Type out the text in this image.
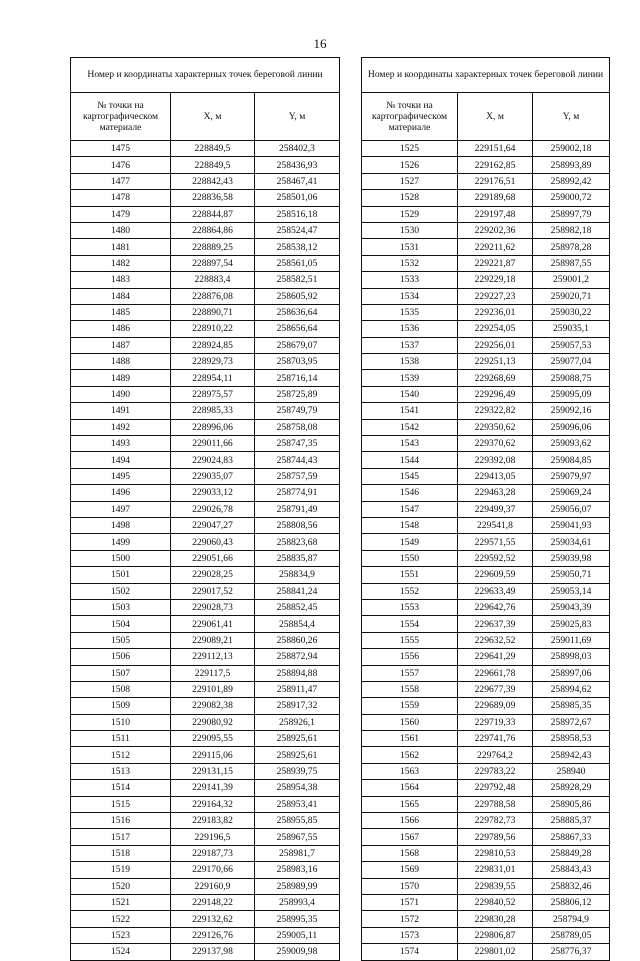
16
Номер и координаты характерных точек береговой линии		
№ точки на картографическом материале	X, м	Y, м
1475	228849,5	258402,3
1476	228849,5	258436,93
1477	228842,43	258467,41
1478	228836,58	258501,06
1479	228844,87	258516,18
1480	228864,86	258524,47
1481	228889,25	258538,12
1482	228897,54	258561,05
1483	228883,4	258582,51
1484	228876,08	258605,92
1485	228890,71	258636,64
1486	228910,22	258656,64
1487	228924,85	258679,07
1488	228929,73	258703,95
1489	228954,11	258716,14
1490	228975,57	258725,89
1491	228985,33	258749,79
1492	228996,06	258758,08
1493	229011,66	258747,35
1494	229024,83	258744,43
1495	229035,07	258757,59
1496	229033,12	258774,91
1497	229026,78	258791,49
1498	229047,27	258808,56
1499	229060,43	258823,68
1500	229051,66	258835,87
1501	229028,25	258834,9
1502	229017,52	258841,24
1503	229028,73	258852,45
1504	229061,41	258854,4
1505	229089,21	258860,26
1506	229112,13	258872,94
1507	229117,5	258894,88
1508	229101,89	258911,47
1509	229082,38	258917,32
1510	229080,92	258926,1
1511	229095,55	258925,61
1512	229115,06	258925,61
1513	229131,15	258939,75
1514	229141,39	258954,38
1515	229164,32	258953,41
1516	229183,82	258955,85
1517	229196,5	258967,55
1518	229187,73	258981,7
1519	229170,66	258983,16
1520	229160,9	258989,99
1521	229148,22	258993,4
1522	229132,62	258995,35
1523	229126,76	259005,11
1524	229137,98	259009,98
Номер и координаты характерных точек береговой линии		
№ точки на картографическом материале	X, м	Y, м
1525	229151,64	259002,18
1526	229162,85	258993,89
1527	229176,51	258992,42
1528	229189,68	259000,72
1529	229197,48	258997,79
1530	229202,36	258982,18
1531	229211,62	258978,28
1532	229221,87	258987,55
1533	229229,18	259001,2
1534	229227,23	259020,71
1535	229236,01	259030,22
1536	229254,05	259035,1
1537	229256,01	259057,53
1538	229251,13	259077,04
1539	229268,69	259088,75
1540	229296,49	259095,09
1541	229322,82	259092,16
1542	229350,62	259096,06
1543	229370,62	259093,62
1544	229392,08	259084,85
1545	229413,05	259079,97
1546	229463,28	259069,24
1547	229499,37	259056,07
1548	229541,8	259041,93
1549	229571,55	259034,61
1550	229592,52	259039,98
1551	229609,59	259050,71
1552	229633,49	259053,14
1553	229642,76	259043,39
1554	229637,39	259025,83
1555	229632,52	259011,69
1556	229641,29	258998,03
1557	229661,78	258997,06
1558	229677,39	258994,62
1559	229689,09	258985,35
1560	229719,33	258972,67
1561	229741,76	258958,53
1562	229764,2	258942,43
1563	229783,22	258940
1564	229792,48	258928,29
1565	229788,58	258905,86
1566	229782,73	258885,37
1567	229789,56	258867,33
1568	229810,53	258849,28
1569	229831,01	258843,43
1570	229839,55	258832,46
1571	229840,52	258806,12
1572	229830,28	258794,9
1573	229806,87	258789,05
1574	229801,02	258776,37
